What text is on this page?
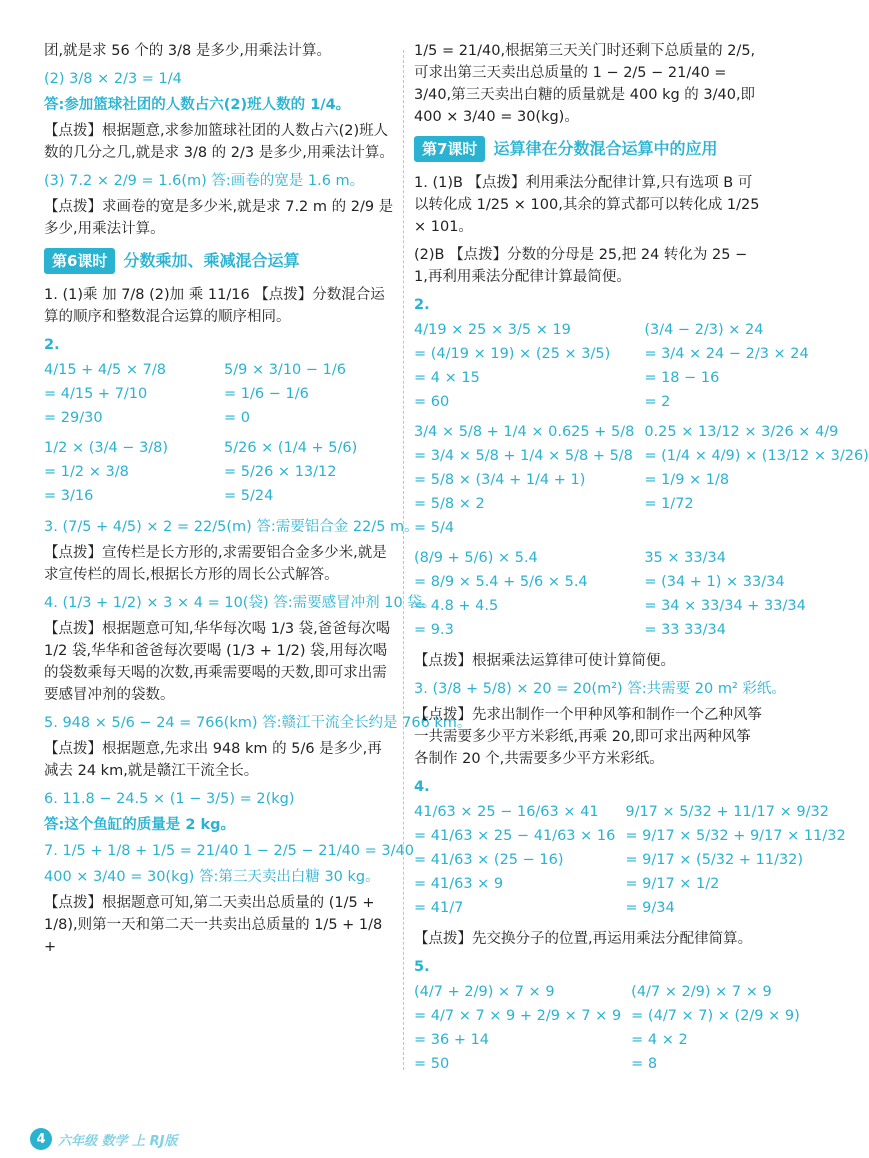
团,就是求 56 个的 3/8 是多少,用乘法计算。

(2) 3/8 × 2/3 = 1/4

答:参加篮球社团的人数占六(2)班人数的 1/4。

【点拨】根据题意,求参加篮球社团的人数占六(2)班人数的几分之几,就是求 3/8 的 2/3 是多少,用乘法计算。

(3) 7.2 × 2/9 = 1.6(m) 答:画卷的宽是 1.6 m。

【点拨】求画卷的宽是多少米,就是求 7.2 m 的 2/9 是多少,用乘法计算。

第6课时	分数乘加、乘减混合运算

1. (1)乘 加 7/8 (2)加 乘 11/16 【点拨】分数混合运算的顺序和整数混合运算的顺序相同。

2.
4/15 + 4/5 × 7/8
= 4/15 + 7/10
= 29/30
5/9 × 3/10 − 1/6
= 1/6 − 1/6
= 0
1/2 × (3/4 − 3/8)
= 1/2 × 3/8
= 3/16
5/26 × (1/4 + 5/6)
= 5/26 × 13/12
= 5/24

3. (7/5 + 4/5) × 2 = 22/5(m) 答:需要铝合金 22/5 m。

【点拨】宣传栏是长方形的,求需要铝合金多少米,就是求宣传栏的周长,根据长方形的周长公式解答。

4. (1/3 + 1/2) × 3 × 4 = 10(袋) 答:需要感冒冲剂 10 袋。

【点拨】根据题意可知,华华每次喝 1/3 袋,爸爸每次喝 1/2 袋,华华和爸爸每次要喝 (1/3 + 1/2) 袋,用每次喝的袋数乘每天喝的次数,再乘需要喝的天数,即可求出需要感冒冲剂的袋数。

5. 948 × 5/6 − 24 = 766(km) 答:赣江干流全长约是 766 km。

【点拨】根据题意,先求出 948 km 的 5/6 是多少,再减去 24 km,就是赣江干流全长。

6. 11.8 − 24.5 × (1 − 3/5) = 2(kg)

答:这个鱼缸的质量是 2 kg。

7. 1/5 + 1/8 + 1/5 = 21/40 1 − 2/5 − 21/40 = 3/40

400 × 3/40 = 30(kg) 答:第三天卖出白糖 30 kg。

【点拨】根据题意可知,第二天卖出总质量的 (1/5 + 1/8),则第一天和第二天一共卖出总质量的 1/5 + 1/8 +

1/5 = 21/40,根据第三天关门时还剩下总质量的 2/5,可求出第三天卖出总质量的 1 − 2/5 − 21/40 = 3/40,第三天卖出白糖的质量就是 400 kg 的 3/40,即 400 × 3/40 = 30(kg)。

第7课时	运算律在分数混合运算中的应用

1. (1)B 【点拨】利用乘法分配律计算,只有选项 B 可以转化成 1/25 × 100,其余的算式都可以转化成 1/25 × 101。

(2)B 【点拨】分数的分母是 25,把 24 转化为 25 − 1,再利用乘法分配律计算最简便。

2.
4/19 × 25 × 3/5 × 19
= (4/19 × 19) × (25 × 3/5)
= 4 × 15
= 60
(3/4 − 2/3) × 24
= 3/4 × 24 − 2/3 × 24
= 18 − 16
= 2
3/4 × 5/8 + 1/4 × 0.625 + 5/8
= 3/4 × 5/8 + 1/4 × 5/8 + 5/8
= 5/8 × (3/4 + 1/4 + 1)
= 5/8 × 2
= 5/4
0.25 × 13/12 × 3/26 × 4/9
= (1/4 × 4/9) × (13/12 × 3/26)
= 1/9 × 1/8
= 1/72
(8/9 + 5/6) × 5.4
= 8/9 × 5.4 + 5/6 × 5.4
= 4.8 + 4.5
= 9.3
35 × 33/34
= (34 + 1) × 33/34
= 34 × 33/34 + 33/34
= 33 33/34

【点拨】根据乘法运算律可使计算简便。

3. (3/8 + 5/8) × 20 = 20(m²) 答:共需要 20 m² 彩纸。

【点拨】先求出制作一个甲种风筝和制作一个乙种风筝一共需要多少平方米彩纸,再乘 20,即可求出两种风筝各制作 20 个,共需要多少平方米彩纸。

4.
41/63 × 25 − 16/63 × 41
= 41/63 × 25 − 41/63 × 16
= 41/63 × (25 − 16)
= 41/63 × 9
= 41/7
9/17 × 5/32 + 11/17 × 9/32
= 9/17 × 5/32 + 9/17 × 11/32
= 9/17 × (5/32 + 11/32)
= 9/17 × 1/2
= 9/34

【点拨】先交换分子的位置,再运用乘法分配律简算。

5.
(4/7 + 2/9) × 7 × 9
= 4/7 × 7 × 9 + 2/9 × 7 × 9
= 36 + 14
= 50
(4/7 × 2/9) × 7 × 9
= (4/7 × 7) × (2/9 × 9)
= 4 × 2
= 8
4 六年级 数学 上 RJ版
